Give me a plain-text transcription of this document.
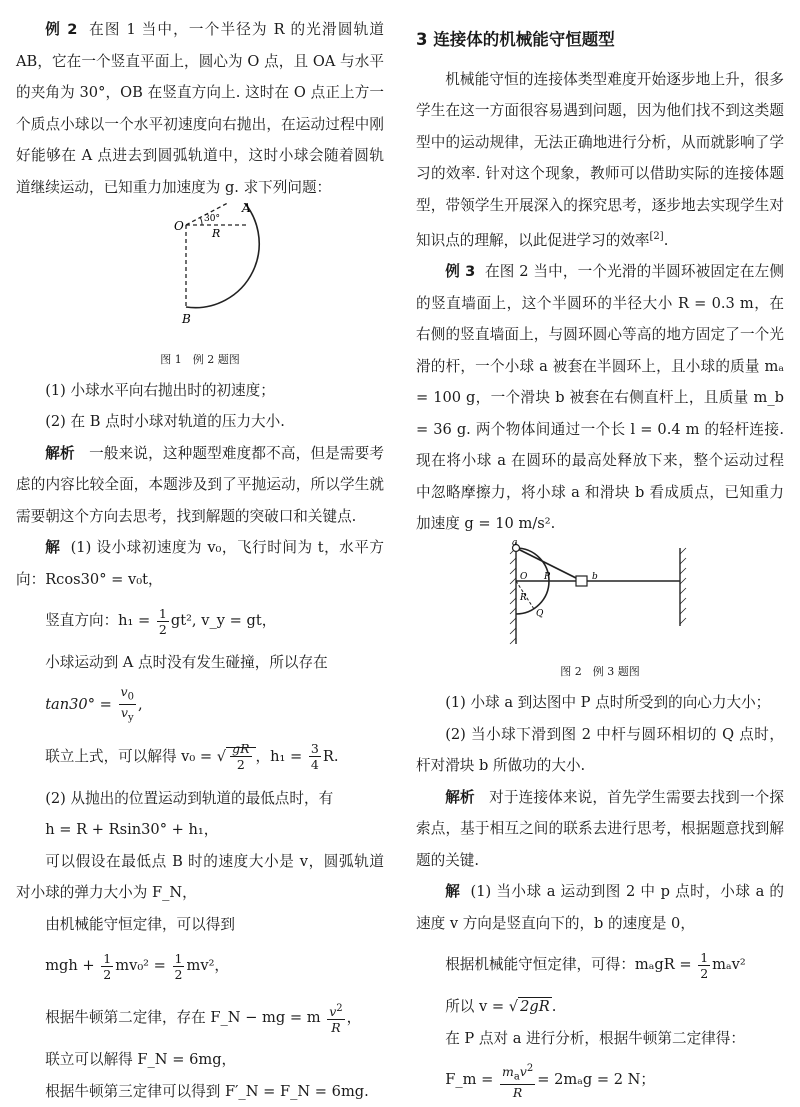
例 2 在图 1 当中，一个半径为 R 的光滑圆轨道 AB，它在一个竖直平面上，圆心为 O 点，且 OA 与水平的夹角为 30°，OB 在竖直方向上. 这时在 O 点正上方一个质点小球以一个水平初速度向右抛出，在运动过程中刚好能够在 A 点进去到圆弧轨道中，这时小球会随着圆轨道继续运动，已知重力加速度为 g. 求下列问题：

O
A
B
R
30°
图 1　例 2 题图

(1) 小球水平向右抛出时的初速度；

(2) 在 B 点时小球对轨道的压力大小.

解析 一般来说，这种题型难度都不高，但是需要考虑的内容比较全面，本题涉及到了平抛运动，所以学生就需要朝这个方向去思考，找到解题的突破口和关键点.

解 (1) 设小球初速度为 v₀，飞行时间为 t，水平方向：Rcos30° = v₀t，

竖直方向：$h_1 = \frac{1}{2} gt^2$, v_y = gt，

小球运动到 A 点时没有发生碰撞，所以存在

$\tan 30^\circ = \frac{v_0}{v_y}$ ,

联立上式，可以解得 v₀ = √ $\frac{gR}{2}$ ，$h_1 = \frac{3}{4} R$.

(2) 从抛出的位置运动到轨道的最低点时，有

h = R + Rsin30° + h₁，

可以假设在最低点 B 时的速度大小是 v，圆弧轨道对小球的弹力大小为 F_N，

由机械能守恒定律，可以得到

mgh + $\frac{1}{2} mv_0^2 = \frac{1}{2} mv^2$，

根据牛顿第二定律，存在 F_N − mg = m $\frac{v^2}{R}$ ，

联立可以解得 F_N = 6mg，

根据牛顿第三定律可以得到 F′_N = F_N = 6mg.

3 连接体的机械能守恒题型

机械能守恒的连接体类型难度开始逐步地上升，很多学生在这一方面很容易遇到问题，因为他们找不到这类题型中的运动规律，无法正确地进行分析，从而就影响了学习的效率. 针对这个现象，教师可以借助实际的连接体题型，带领学生开展深入的探究思考，逐步地去实现学生对知识点的理解，以此促进学习的效率[2].

例 3 在图 2 当中，一个光滑的半圆环被固定在左侧的竖直墙面上，这个半圆环的半径大小 R = 0.3 m，在右侧的竖直墙面上，与圆环圆心等高的地方固定了一个光滑的杆，一个小球 a 被套在半圆环上，且小球的质量 mₐ = 100 g，一个滑块 b 被套在右侧直杆上，且质量 m_b = 36 g. 两个物体间通过一个长 l = 0.4 m 的轻杆连接. 现在将小球 a 在圆环的最高处释放下来，整个运动过程中忽略摩擦力，将小球 a 和滑块 b 看成质点，已知重力加速度 g = 10 m/s².

a
O P	b
R
Q
图 2　例 3 题图

(1) 小球 a 到达图中 P 点时所受到的向心力大小；

(2) 当小球下滑到图 2 中杆与圆环相切的 Q 点时，杆对滑块 b 所做功的大小.

解析 对于连接体来说，首先学生需要去找到一个探索点，基于相互之间的联系去进行思考，根据题意找到解题的关键.

解 (1) 当小球 a 运动到图 2 中 p 点时，小球 a 的速度 v 方向是竖直向下的，b 的速度是 0，

根据机械能守恒定律，可得：$m_agR = \frac{1}{2} m_av^2$

所以 v = √ 2gR .

在 P 点对 a 进行分析，根据牛顿第二定律得：

F_m = $\frac{m_av^2}{R} = 2m_ag = 2$ N；
